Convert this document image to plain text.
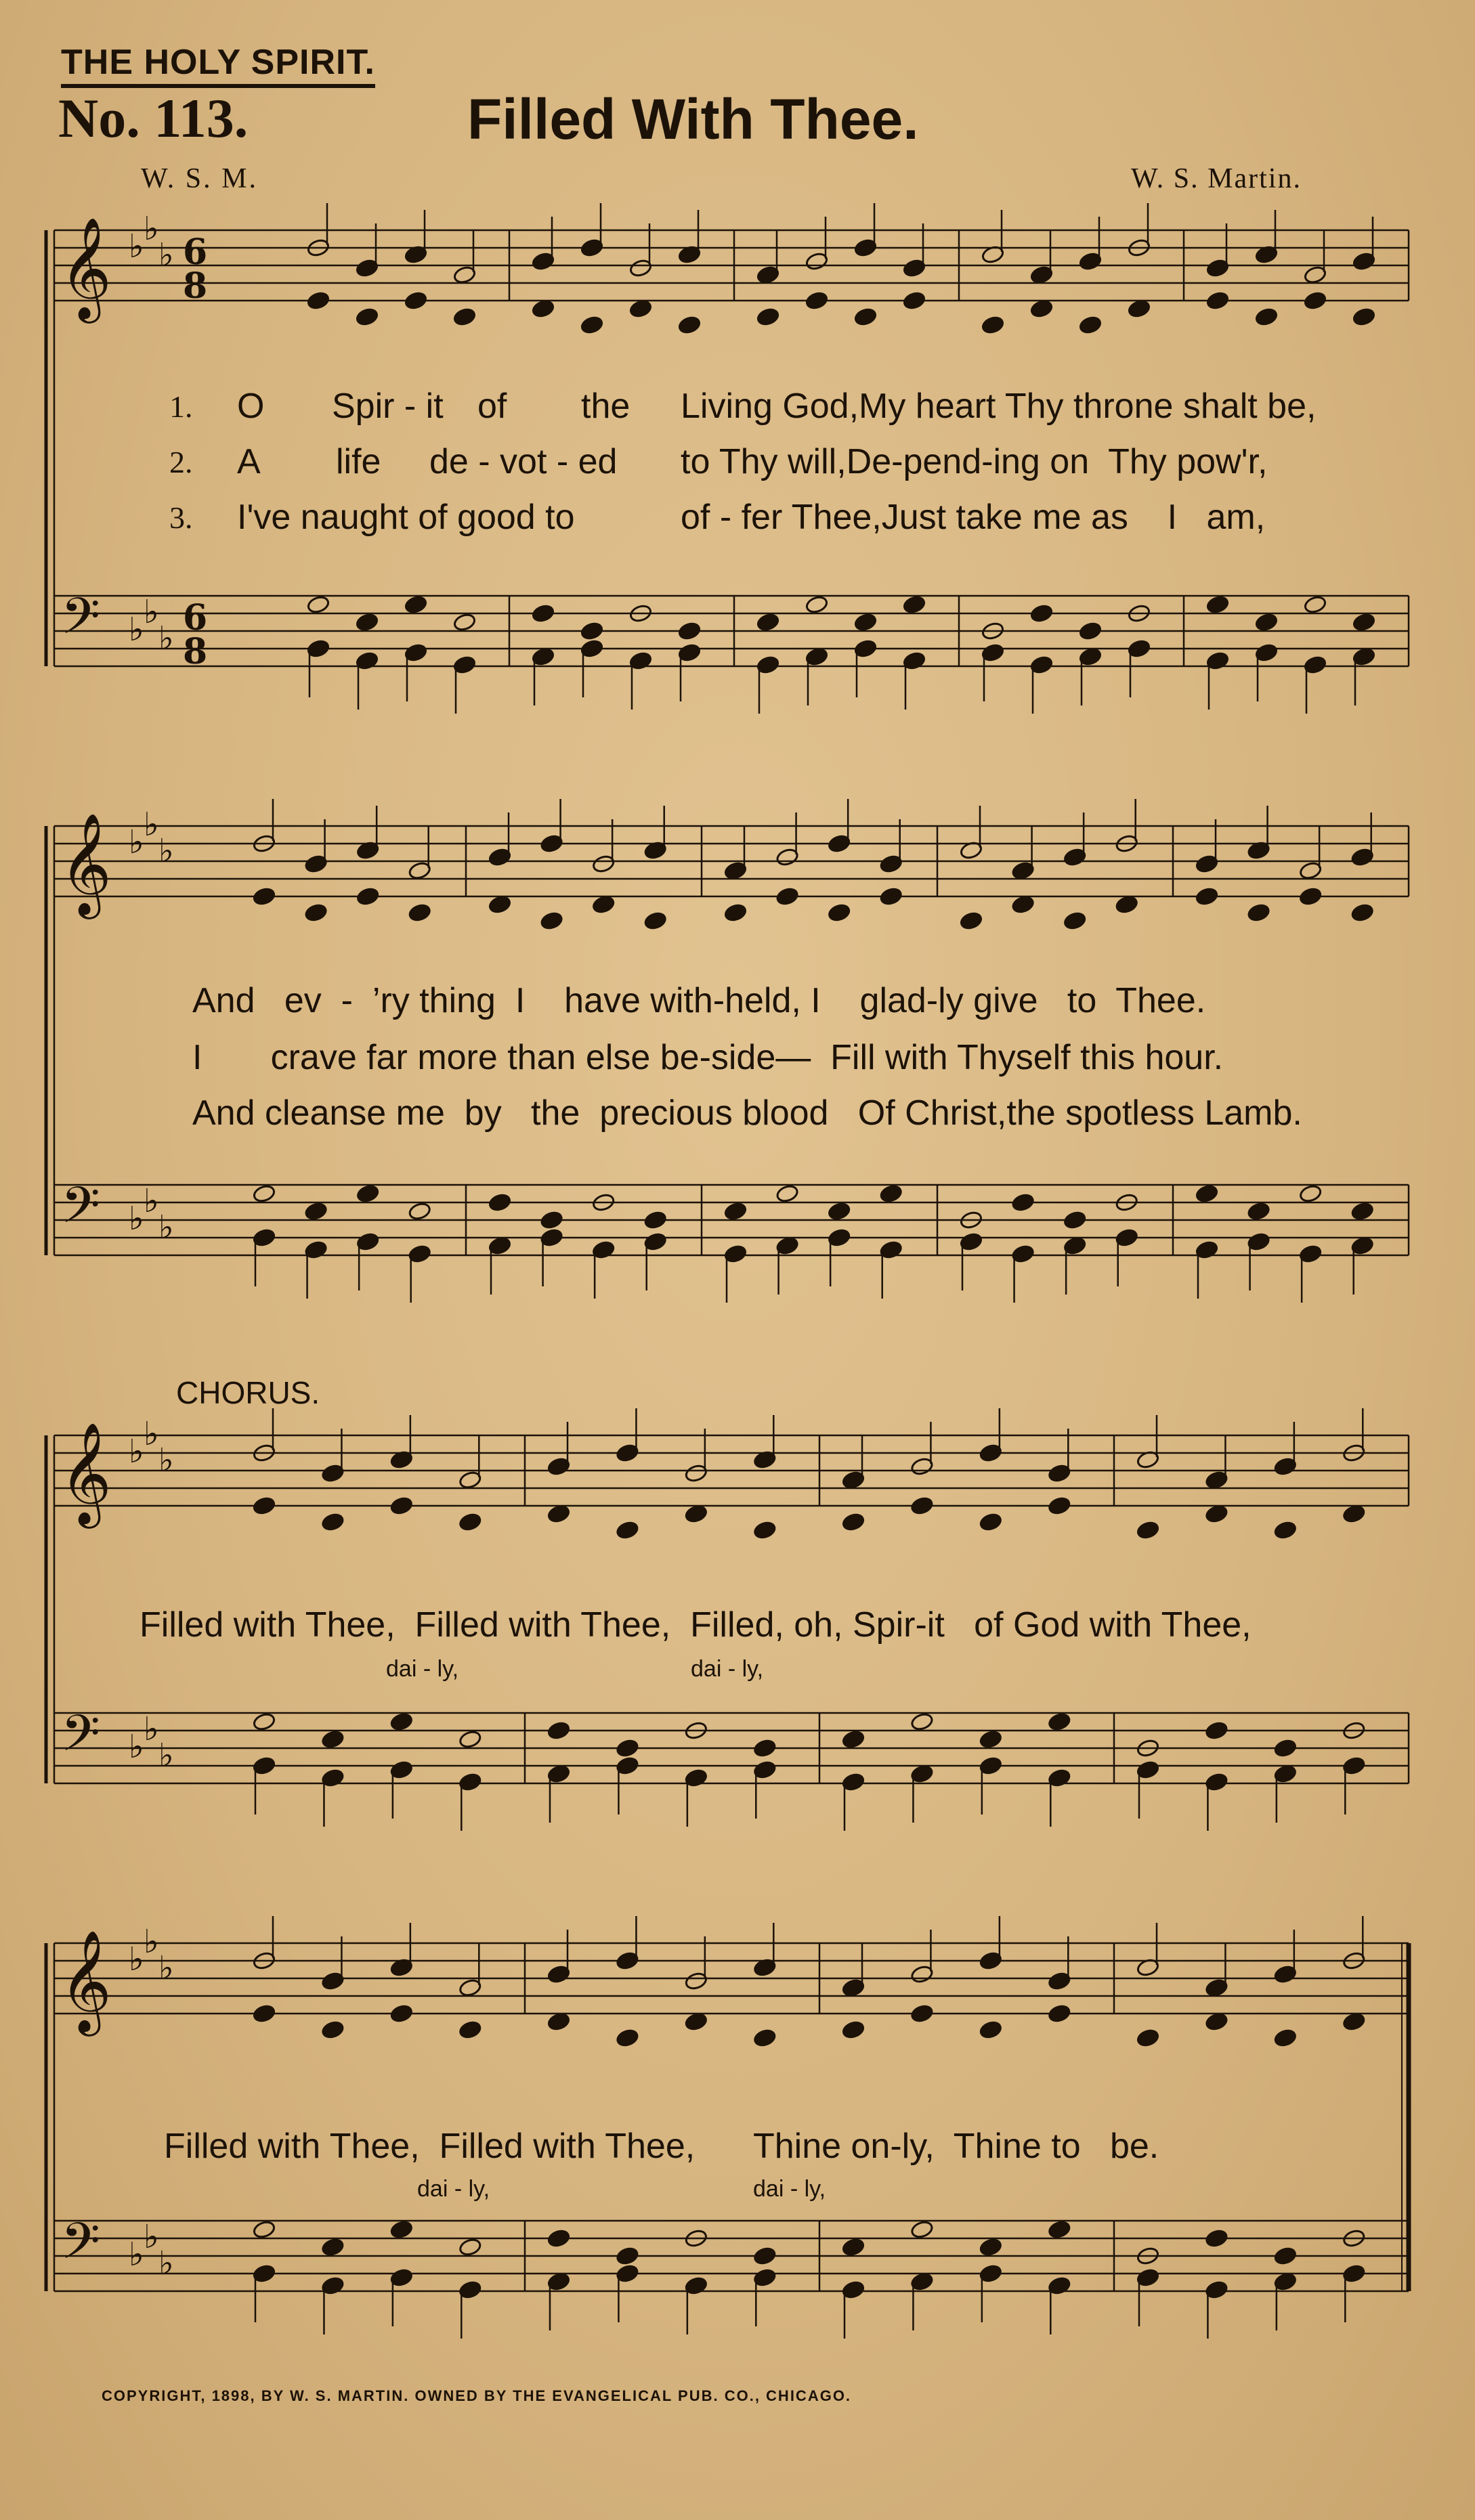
THE HOLY SPIRIT.
No. 113.	Filled With Thee.
W. S. M.	W. S. Martin.
𝄞
𝄢
♭ ♭
♭
♭ ♭
♭
6
8
6
8
1. O Spir - it of the Living God,My heart Thy throne shalt be,
2. A life de - vot - ed to Thy will,De-pend-ing on  Thy pow'r,
3. I've naught of good to	of - fer Thee,Just take me as    I   am,
𝄞
𝄢
♭ ♭
♭
♭ ♭
♭
And   ev  -  ’ry thing  I    have with-held, I    glad-ly give   to  Thee.
I       crave far more than else be-side—  Fill with Thyself this hour.
And cleanse me  by   the  precious blood   Of Christ,the spotless Lamb.
CHORUS.
𝄞
𝄢
♭ ♭
♭
♭ ♭
♭
Filled with Thee,  Filled with Thee,  Filled, oh, Spir-it   of God with Thee,
dai - ly,	dai - ly,
𝄞
𝄢
♭ ♭
♭
♭ ♭
♭
Filled with Thee,  Filled with Thee,      Thine on-ly,  Thine to   be.
dai - ly,	dai - ly,
COPYRIGHT, 1898, BY W. S. MARTIN. OWNED BY THE EVANGELICAL PUB. CO., CHICAGO.
